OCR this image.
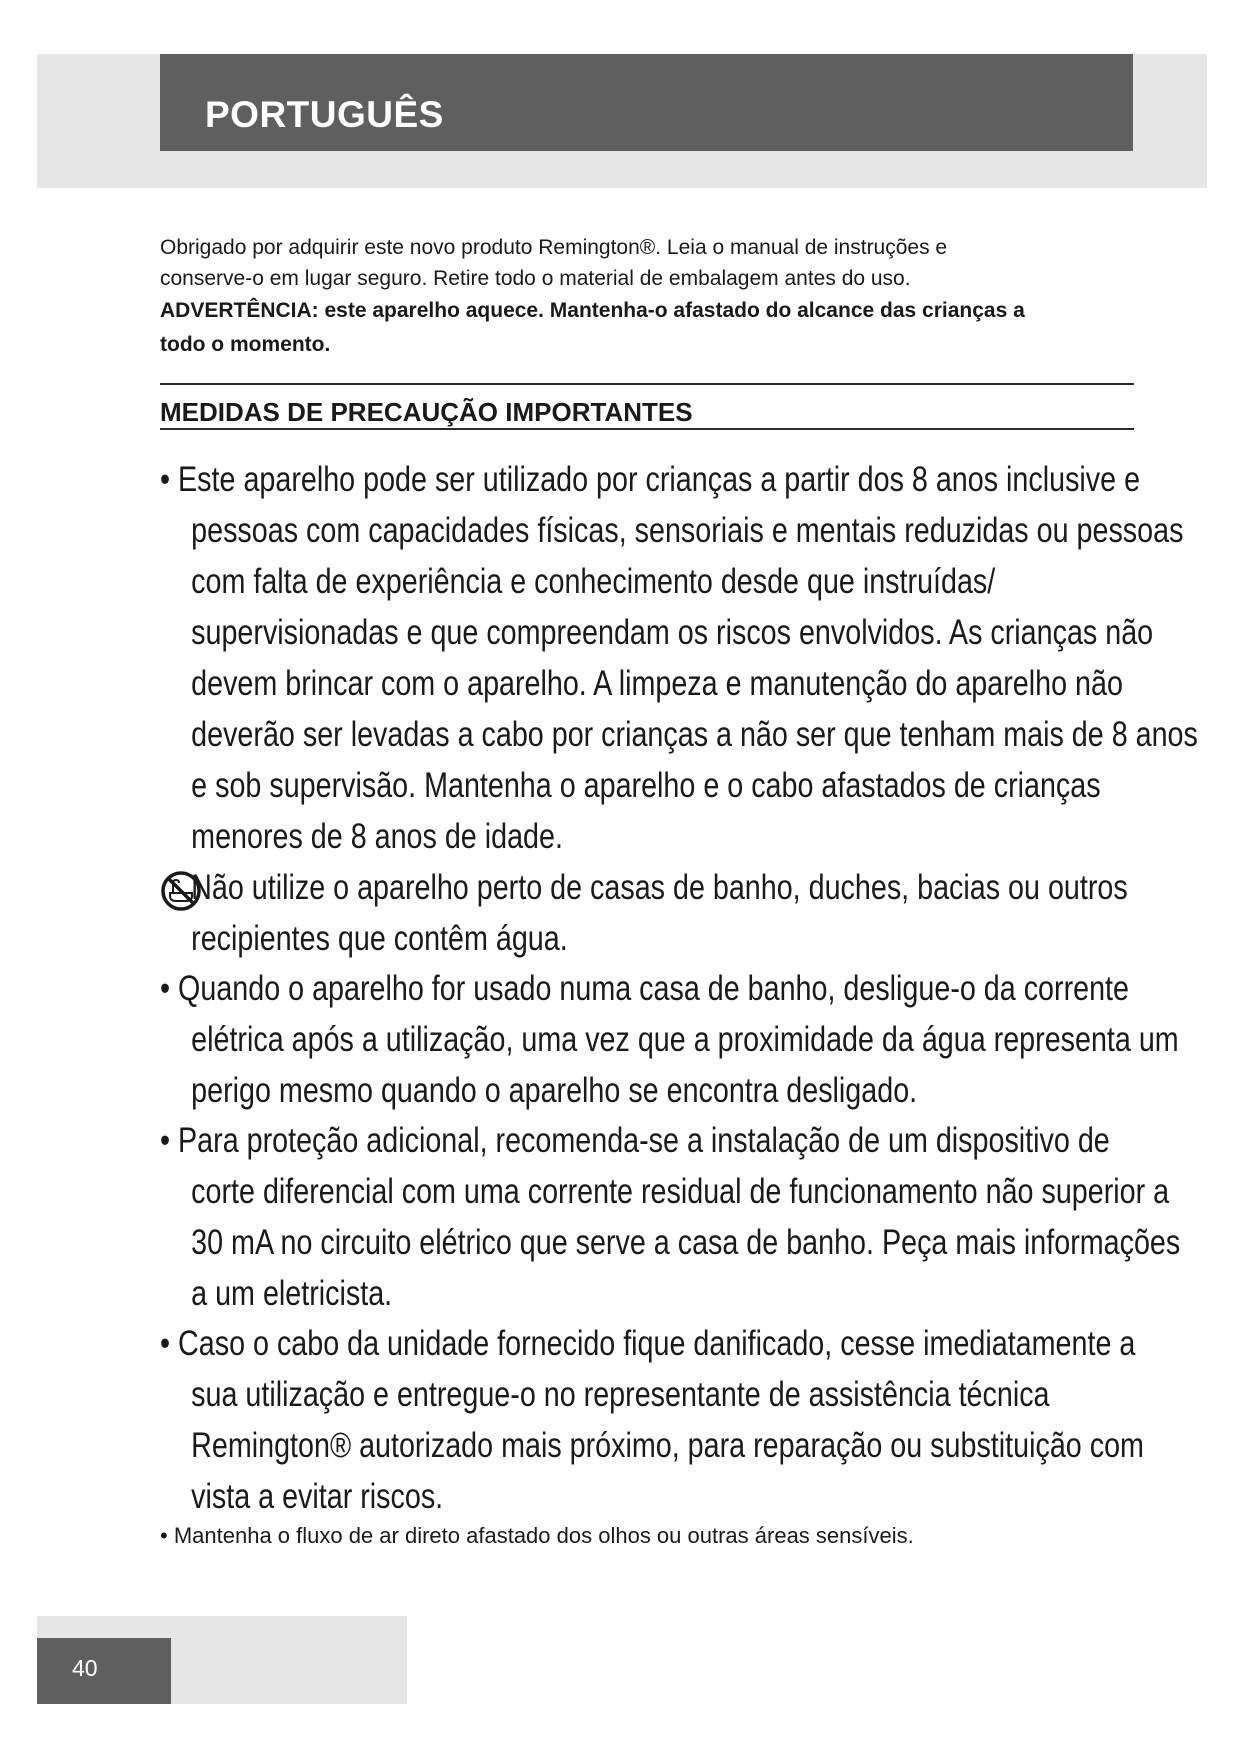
PORTUGUÊS

Obrigado por adquirir este novo produto Remington®. Leia o manual de instruções e

conserve-o em lugar seguro. Retire todo o material de embalagem antes do uso.

ADVERTÊNCIA: este aparelho aquece. Mantenha-o afastado do alcance das crianças a

todo o momento.

MEDIDAS DE PRECAUÇÃO IMPORTANTES
• Este aparelho pode ser utilizado por crianças a partir dos 8 anos inclusive e
pessoas com capacidades físicas, sensoriais e mentais reduzidas ou pessoas
com falta de experiência e conhecimento desde que instruídas/
supervisionadas e que compreendam os riscos envolvidos. As crianças não
devem brincar com o aparelho. A limpeza e manutenção do aparelho não
deverão ser levadas a cabo por crianças a não ser que tenham mais de 8 anos
e sob supervisão. Mantenha o aparelho e o cabo afastados de crianças
menores de 8 anos de idade.
Não utilize o aparelho perto de casas de banho, duches, bacias ou outros
recipientes que contêm água.
• Quando o aparelho for usado numa casa de banho, desligue-o da corrente
elétrica após a utilização, uma vez que a proximidade da água representa um
perigo mesmo quando o aparelho se encontra desligado.
• Para proteção adicional, recomenda-se a instalação de um dispositivo de
corte diferencial com uma corrente residual de funcionamento não superior a
30 mA no circuito elétrico que serve a casa de banho. Peça mais informações
a um eletricista.
• Caso o cabo da unidade fornecido fique danificado, cesse imediatamente a
sua utilização e entregue-o no representante de assistência técnica
Remington® autorizado mais próximo, para reparação ou substituição com
vista a evitar riscos.
• Mantenha o fluxo de ar direto afastado dos olhos ou outras áreas sensíveis.
40
